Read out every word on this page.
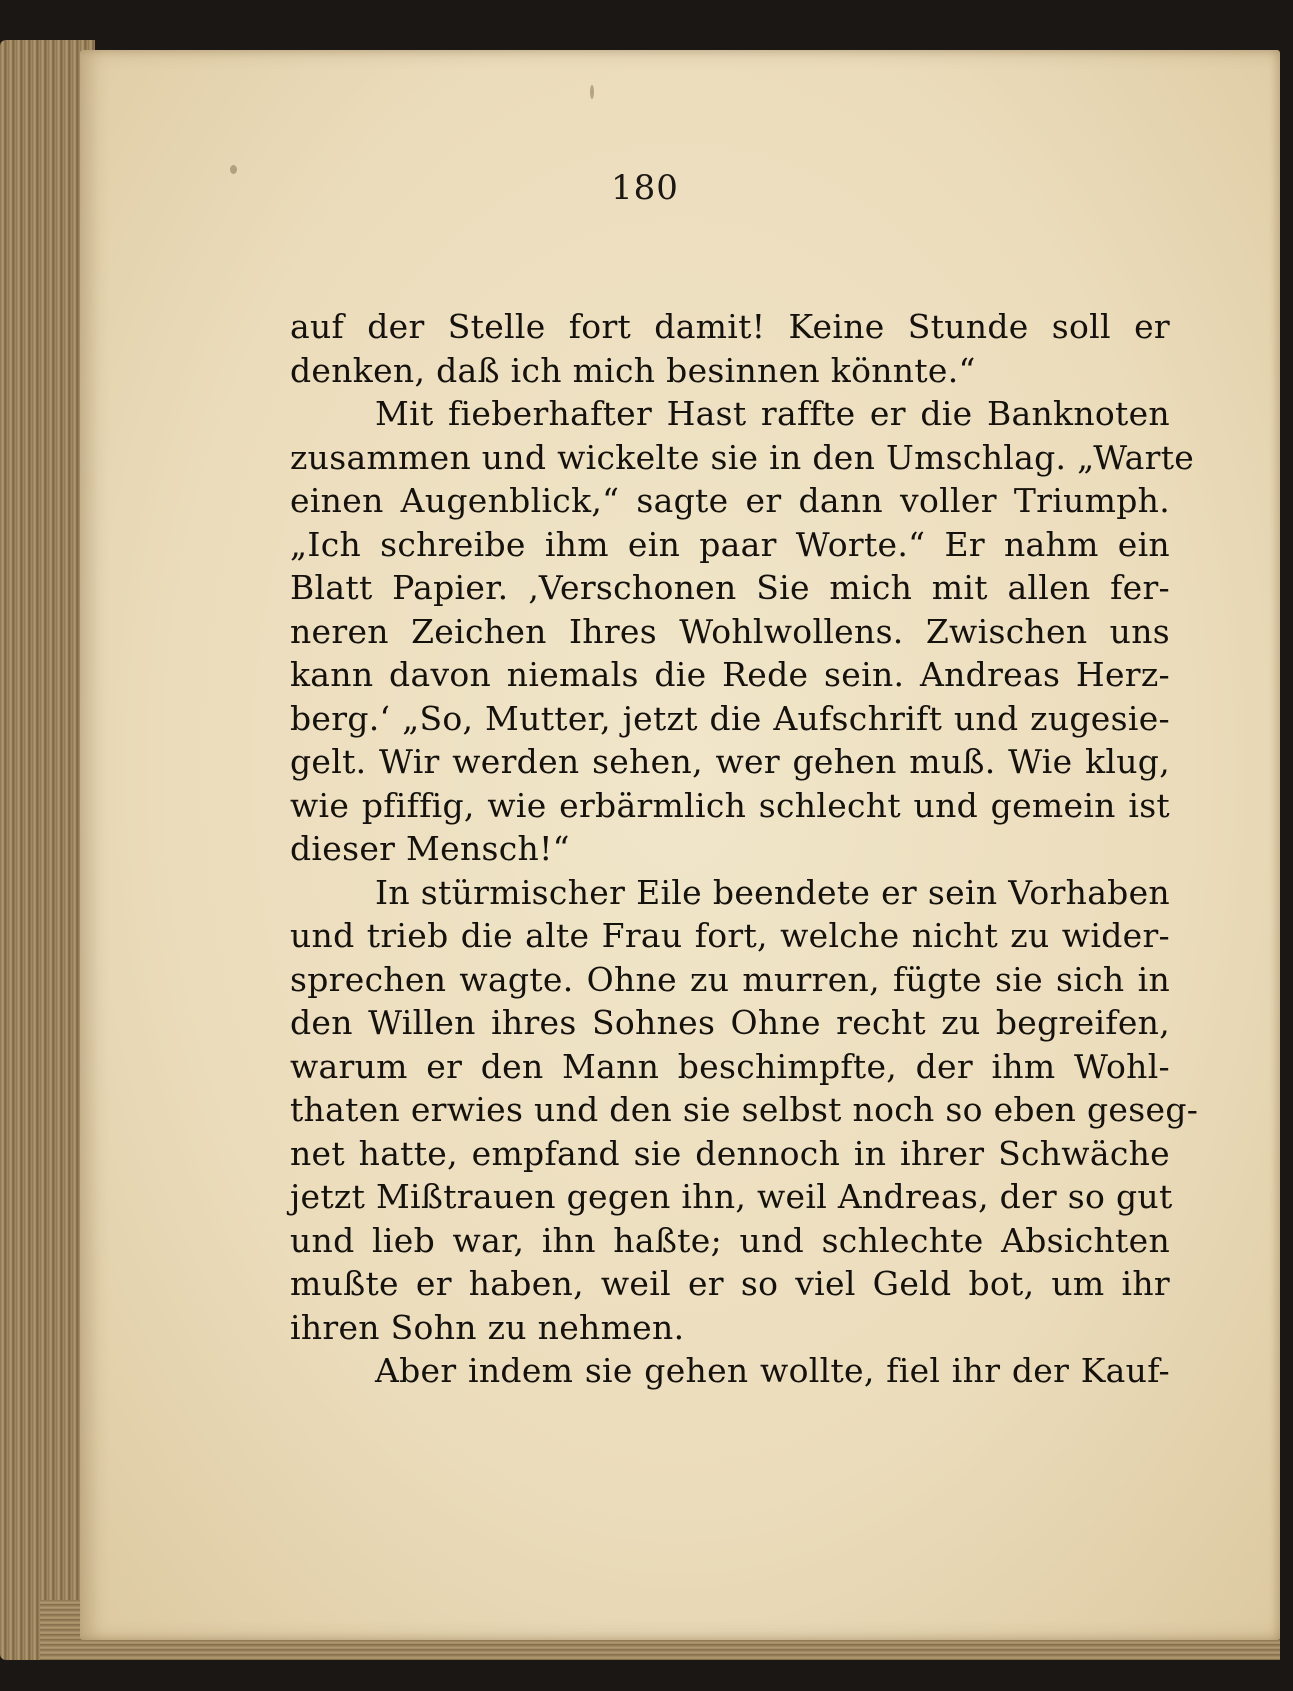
180
auf der Stelle fort damit! Keine Stunde soll er
denken, daß ich mich besinnen könnte.“
Mit fieberhafter Hast raffte er die Banknoten
zusammen und wickelte sie in den Umschlag. „Warte
einen Augenblick,“ sagte er dann voller Triumph.
„Ich schreibe ihm ein paar Worte.“ Er nahm ein
Blatt Papier. ‚Verschonen Sie mich mit allen fer-
neren Zeichen Ihres Wohlwollens. Zwischen uns
kann davon niemals die Rede sein. Andreas Herz-
berg.‘ „So, Mutter, jetzt die Aufschrift und zugesie-
gelt. Wir werden sehen, wer gehen muß. Wie klug,
wie pfiffig, wie erbärmlich schlecht und gemein ist
dieser Mensch!“
In stürmischer Eile beendete er sein Vorhaben
und trieb die alte Frau fort, welche nicht zu wider-
sprechen wagte. Ohne zu murren, fügte sie sich in
den Willen ihres Sohnes Ohne recht zu begreifen,
warum er den Mann beschimpfte, der ihm Wohl-
thaten erwies und den sie selbst noch so eben geseg-
net hatte, empfand sie dennoch in ihrer Schwäche
jetzt Mißtrauen gegen ihn, weil Andreas, der so gut
und lieb war, ihn haßte; und schlechte Absichten
mußte er haben, weil er so viel Geld bot, um ihr
ihren Sohn zu nehmen.
Aber indem sie gehen wollte, fiel ihr der Kauf-
